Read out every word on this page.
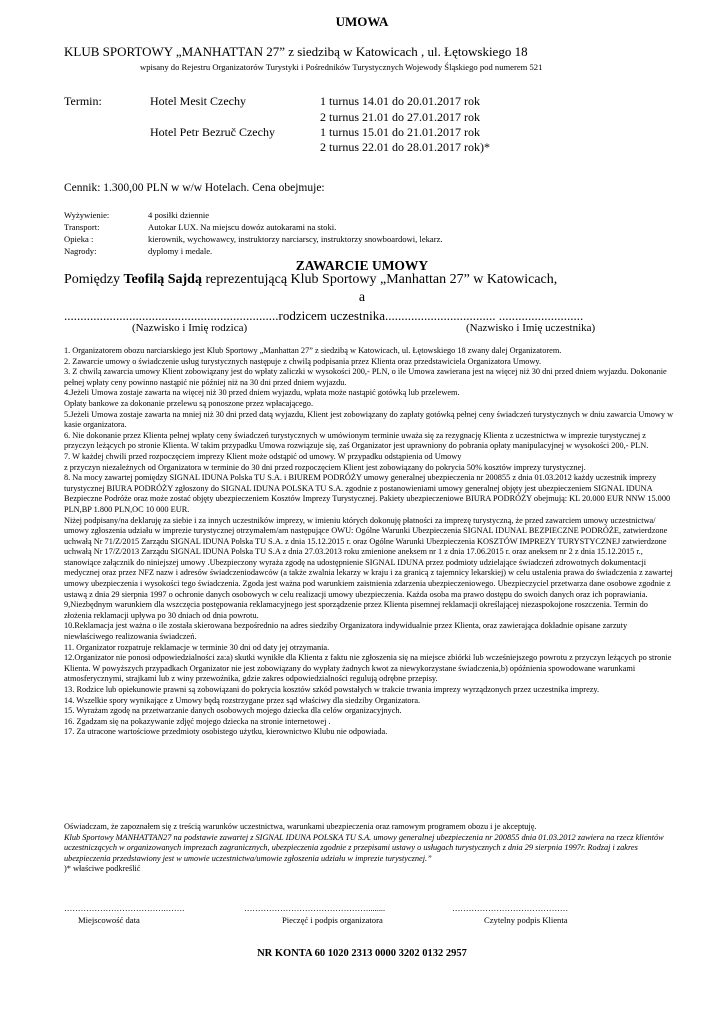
UMOWA
KLUB SPORTOWY „MANHATTAN 27” z siedzibą w Katowicach , ul. Łętowskiego 18
wpisany do Rejestru Organizatorów Turystyki i Pośredników Turystycznych Wojewody Śląskiego pod numerem 521
Termin:	Hotel Mesit Czechy	1 turnus 14.01 do 20.01.2017 rok
2 turnus 21.01 do 27.01.2017 rok
Hotel Petr Bezruč Czechy	1 turnus 15.01 do 21.01.2017 rok
2 turnus 22.01 do 28.01.2017 rok)*
Cennik: 1.300,00 PLN w w/w Hotelach. Cena obejmuje:
Wyżywienie:	4 posiłki dziennie
Transport:	Autokar LUX. Na miejscu dowóz autokarami na stoki.
Opieka :	kierownik, wychowawcy, instruktorzy narciarscy, instruktorzy snowboardowi, lekarz.
Nagrody:	dyplomy i medale.
ZAWARCIE UMOWY
Pomiędzy Teofilą Sajdą reprezentującą Klub Sportowy „Manhattan 27” w Katowicach,
a
..................................................................rodzicem uczestnika.................................. ..........................
(Nazwisko i Imię rodzica)	(Nazwisko i Imię uczestnika)

1. Organizatorem obozu narciarskiego jest Klub Sportowy „Manhattan 27” z siedzibą w Katowicach, ul. Łętowskiego 18 zwany dalej Organizatorem.

2. Zawarcie umowy o świadczenie usług turystycznych następuje z chwilą podpisania przez Klienta oraz przedstawiciela Organizatora Umowy.

3. Z chwilą zawarcia umowy Klient zobowiązany jest do wpłaty zaliczki w wysokości 200,- PLN, o ile Umowa zawierana jest na więcej niż 30 dni przed dniem wyjazdu. Dokonanie pełnej wpłaty ceny powinno nastąpić nie później niż na 30 dni przed dniem wyjazdu.

4.Jeżeli Umowa zostaje zawarta na więcej niż 30 przed dniem wyjazdu, wpłata może nastąpić gotówką lub przelewem.

Opłaty bankowe za dokonanie przelewu są ponoszone przez wpłacającego.

5.Jeżeli Umowa zostaje zawarta na mniej niż 30 dni przed datą wyjazdu, Klient jest zobowiązany do zapłaty gotówką pełnej ceny świadczeń turystycznych w dniu zawarcia Umowy w kasie organizatora.

6. Nie dokonanie przez Klienta pełnej wpłaty ceny świadczeń turystycznych w umówionym terminie uważa się za rezygnację Klienta z uczestnictwa w imprezie turystycznej z przyczyn leżących po stronie Klienta. W takim przypadku Umowa rozwiązuje się, zaś Organizator jest uprawniony do pobrania opłaty manipulacyjnej w wysokości 200,- PLN.

7. W każdej chwili przed rozpoczęciem imprezy Klient może odstąpić od umowy. W przypadku odstąpienia od Umowy

z przyczyn niezależnych od Organizatora w terminie do 30 dni przed rozpoczęciem Klient jest zobowiązany do pokrycia 50% kosztów imprezy turystycznej.

8. Na mocy zawartej pomiędzy SIGNAL IDUNA Polska TU S.A. i BIUREM PODRÓŻY umowy generalnej ubezpieczenia nr 200855 z dnia 01.03.2012 każdy uczestnik imprezy turystycznej BIURA PODRÓŻY zgłoszony do SIGNAL IDUNA POLSKA TU S.A. zgodnie z postanowieniami umowy generalnej objęty jest ubezpieczeniem SIGNAL IDUNA Bezpieczne Podróże oraz może zostać objęty ubezpieczeniem Kosztów Imprezy Turystycznej. Pakiety ubezpieczeniowe BIURA PODRÓŻY obejmują: KL 20.000 EUR NNW 15.000 PLN,BP 1.800 PLN,OC 10 000 EUR.

Niżej podpisany/na deklaruję za siebie i za innych uczestników imprezy, w imieniu których dokonuję płatności za imprezę turystyczną, że przed zawarciem umowy uczestnictwa/ umowy zgłoszenia udziału w imprezie turystycznej otrzymałem/am następujące OWU: Ogólne Warunki Ubezpieczenia SIGNAL IDUNAL BEZPIECZNE PODRÓŻE, zatwierdzone uchwałą Nr 71/Z/2015 Zarządu SIGNAL IDUNA Polska TU S.A. z dnia 15.12.2015 r. oraz Ogólne Warunki Ubezpieczenia KOSZTÓW IMPREZY TURYSTYCZNEJ zatwierdzone uchwałą Nr 17/Z/2013 Zarządu SIGNAL IDUNA Polska TU S.A z dnia 27.03.2013 roku zmienione aneksem nr 1 z dnia 17.06.2015 r. oraz aneksem nr 2 z dnia 15.12.2015 r., stanowiące załącznik do niniejszej umowy .Ubezpieczony wyraża zgodę na udostępnienie SIGNAL IDUNA przez podmioty udzielające świadczeń zdrowotnych dokumentacji medycznej oraz przez NFZ nazw i adresów świadczeniodawców (a także zwalnia lekarzy w kraju i za granicą z tajemnicy lekarskiej) w celu ustalenia prawa do świadczenia z zawartej umowy ubezpieczenia i wysokości tego świadczenia. Zgoda jest ważna pod warunkiem zaistnienia zdarzenia ubezpieczeniowego. Ubezpieczyciel przetwarza dane osobowe zgodnie z ustawą z dnia 29 sierpnia 1997 o ochronie danych osobowych w celu realizacji umowy ubezpieczenia. Każda osoba ma prawo dostępu do swoich danych oraz ich poprawiania.

9,Niezbędnym warunkiem dla wszczęcia postępowania reklamacyjnego jest sporządzenie przez Klienta pisemnej reklamacji określającej niezaspokojone roszczenia. Termin do złożenia reklamacji upływa po 30 dniach od dnia powrotu.

10.Reklamacja jest ważna o ile została skierowana bezpośrednio na adres siedziby Organizatora indywidualnie przez Klienta, oraz zawierająca dokładnie opisane zarzuty niewłaściwego realizowania świadczeń.

11. Organizator rozpatruje reklamacje w terminie 30 dni od daty jej otrzymania.

12.Organizator nie ponosi odpowiedzialności za:a) skutki wynikłe dla Klienta z faktu nie zgłoszenia się na miejsce zbiórki lub wcześniejszego powrotu z przyczyn leżących po stronie Klienta. W powyższych przypadkach Organizator nie jest zobowiązany do wypłaty żadnych kwot za niewykorzystane świadczenia,b) opóźnienia spowodowane warunkami atmosferycznymi, strajkami lub z winy przewoźnika, gdzie zakres odpowiedzialności regulują odrębne przepisy.

13. Rodzice lub opiekunowie prawni są zobowiązani do pokrycia kosztów szkód powstałych w trakcie trwania imprezy wyrządzonych przez uczestnika imprezy.

14. Wszelkie spory wynikające z Umowy będą rozstrzygane przez sąd właściwy dla siedziby Organizatora.

15. Wyrażam zgodę na przetwarzanie danych osobowych mojego dziecka dla celów organizacyjnych.

16. Zgadzam się na pokazywanie zdjęć mojego dziecka na stronie internetowej .

17. Za utracone wartościowe przedmioty osobistego użytku, kierownictwo Klubu nie odpowiada.

Oświadczam, że zapoznałem się z treścią warunków uczestnictwa, warunkami ubezpieczenia oraz ramowym programem obozu i je akceptuję.

Klub Sportowy MANHATTAN27 na podstawie zawartej z SIGNAL IDUNA POLSKA TU S.A. umowy generalnej ubezpieczenia nr 200855 dnia 01.03.2012 zawiera na rzecz klientów uczestniczących w organizowanych imprezach zagranicznych, ubezpieczenia zgodnie z przepisami ustawy o usługach turystycznych z dnia 29 sierpnia 1997r. Rodzaj i zakres ubezpieczenia przedstawiony jest w umowie uczestnictwa/umowie zgłoszenia udziału w imprezie turystycznej.”

)* właściwe podkreślić

……………………………….…….
Miejscowość data
………………………………………........
Pieczęć i podpis organizatora
……………………………………
Czytelny podpis Klienta
NR KONTA 60 1020 2313 0000 3202 0132 2957
